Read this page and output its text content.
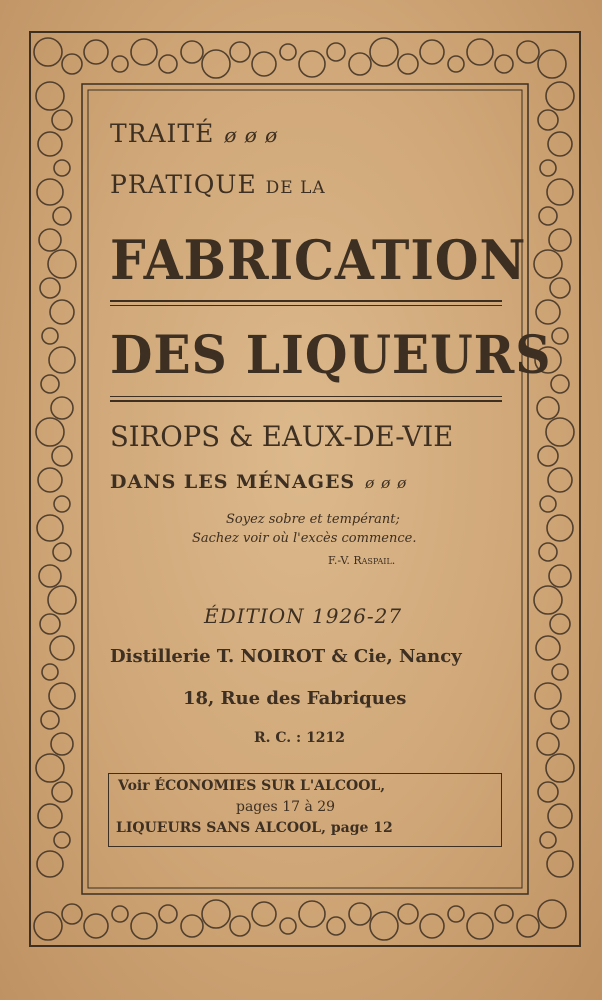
TRAITÉ ø ø ø
PRATIQUE DE LA
FABRICATION
DES LIQUEURS
SIROPS & EAUX-DE-VIE
DANS LES MÉNAGES ø ø ø
Soyez sobre et tempérant;
Sachez voir où l'excès commence.
F.-V. Raspail.
ÉDITION 1926-27
Distillerie T. NOIROT & Cie, Nancy
18, Rue des Fabriques
R. C. : 1212
Voir ÉCONOMIES SUR L'ALCOOL,
pages 17 à 29
LIQUEURS SANS ALCOOL, page 12
